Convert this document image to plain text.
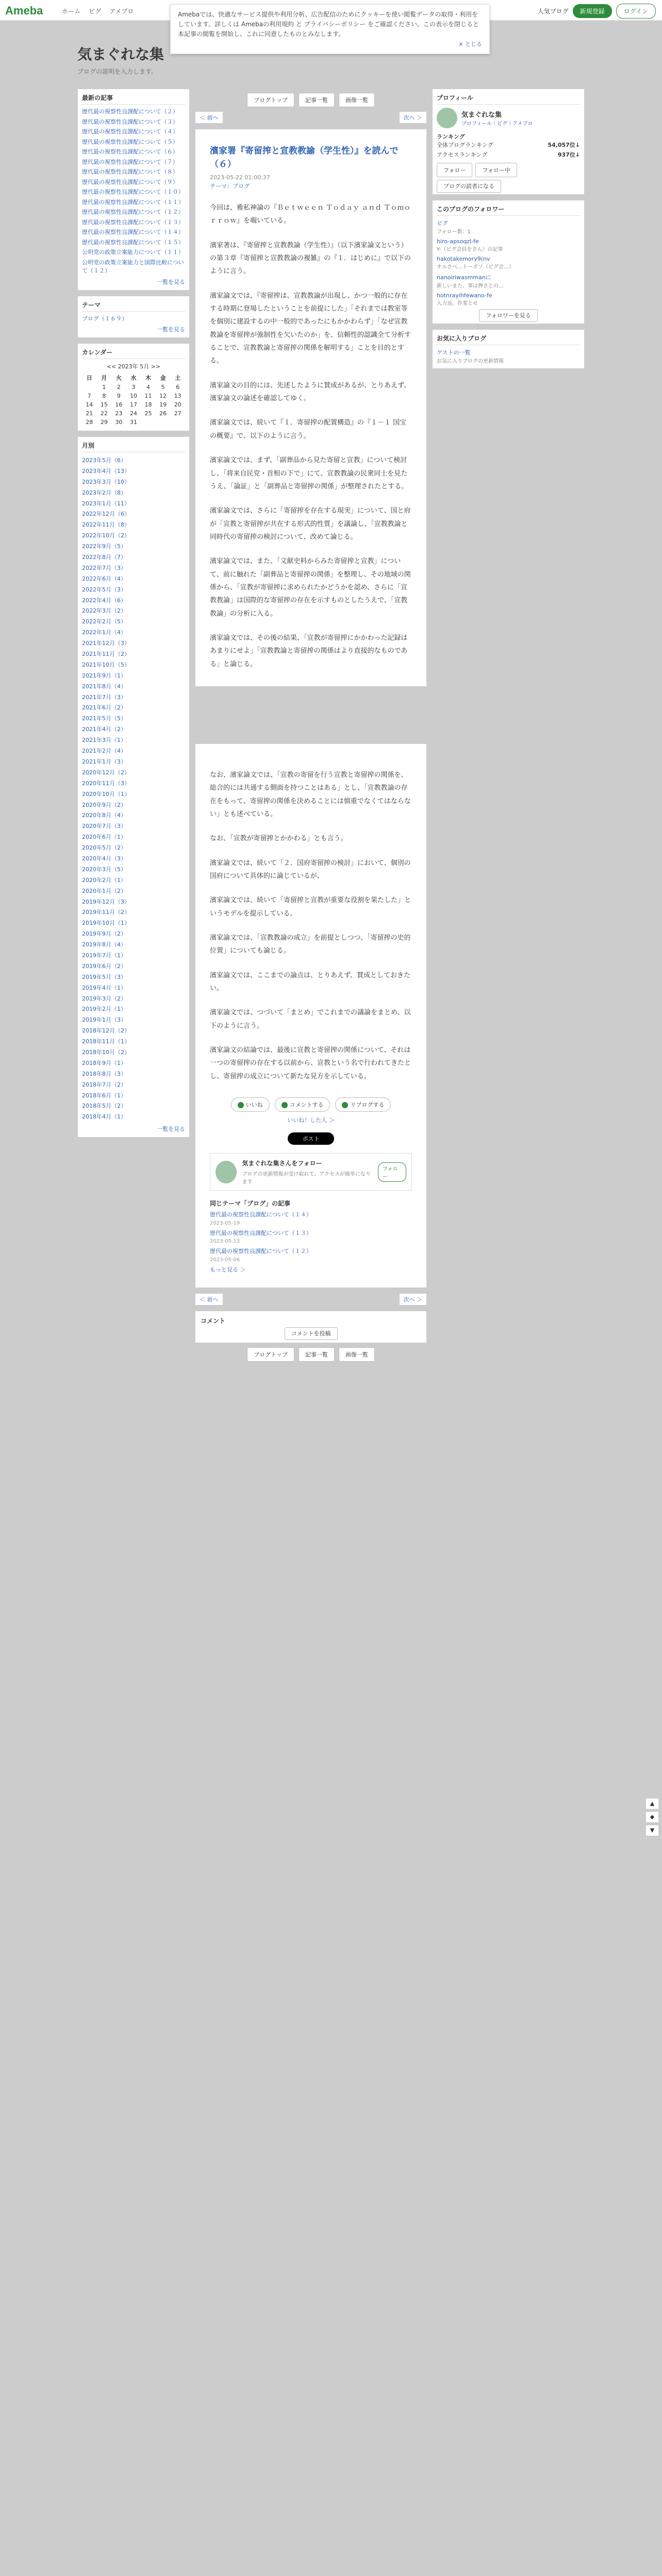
Ameba	ホーム ピグ アメブロ	人気ブログ	新規登録	ログイン
Amebaでは、快適なサービス提供や利用分析、広告配信のためにクッキーを使い閲覧データの取得・利用をしています。詳しくは Amebaの利用規約 と プライバシーポリシー をご確認ください。この表示を閉じると本記事の閲覧を開始し、これに同意したものとみなします。
× とじる
気まぐれな集
ブログの説明を入力します。
最新の記事
歴代最の視察性良課配について（２）
歴代最の視察性良課配について（３）
歴代最の視察性良課配について（４）
歴代最の視察性良課配について（５）
歴代最の視察性良課配について（６）
歴代最の視察性良課配について（７）
歴代最の視察性良課配について（８）
歴代最の視察性良課配について（９）
歴代最の視察性良課配について（１０）
歴代最の視察性良課配について（１１）
歴代最の視察性良課配について（１２）
歴代最の視察性良課配について（１３）
歴代最の視察性良課配について（１４）
歴代最の視察性良課配について（１５）
公明党の政策立案能力について（１１）
公明党の政策立案能力と国際比較について（１２）
一覧を見る
テーマ
ブログ（１６９）
一覧を見る
カレンダー
<< 2023年 5月 >>
日	月	火	水	木	金	土
	1	2	3	4	5	6
7	8	9	10	11	12	13
14	15	16	17	18	19	20
21	22	23	24	25	26	27
28	29	30	31			
月別
2023年5月（6）
2023年4月（13）
2023年3月（10）
2023年2月（8）
2023年1月（11）
2022年12月（6）
2022年11月（8）
2022年10月（2）
2022年9月（5）
2022年8月（7）
2022年7月（3）
2022年6月（4）
2022年5月（3）
2022年4月（6）
2022年3月（2）
2022年2月（5）
2022年1月（4）
2021年12月（3）
2021年11月（2）
2021年10月（5）
2021年9月（1）
2021年8月（4）
2021年7月（3）
2021年6月（2）
2021年5月（5）
2021年4月（2）
2021年3月（1）
2021年2月（4）
2021年1月（3）
2020年12月（2）
2020年11月（3）
2020年10月（1）
2020年9月（2）
2020年8月（4）
2020年7月（3）
2020年6月（1）
2020年5月（2）
2020年4月（3）
2020年3月（5）
2020年2月（1）
2020年1月（2）
2019年12月（3）
2019年11月（2）
2019年10月（1）
2019年9月（2）
2019年8月（4）
2019年7月（1）
2019年6月（2）
2019年5月（3）
2019年4月（1）
2019年3月（2）
2019年2月（1）
2019年1月（3）
2018年12月（2）
2018年11月（1）
2018年10月（2）
2018年9月（1）
2018年8月（3）
2018年7月（2）
2018年6月（1）
2018年5月（2）
2018年4月（1）
一覧を見る
ブログトップ	記事一覧	画像一覧
＜ 前へ	次へ ＞
濱家署『寄留搾と宣教教諭（学生性）』を読んで（６）
2023-05-22 01:00:37
テーマ：ブログ

今回は、雅私神論の『Ｂｅｔｗｅｅｎ Ｔｏｄａｙ ａｎｄ Ｔｏｍｏｒｒｏｗ』を覗いている。

濱家著は、『寄留搾と宣教教論（学生性）』（以下濱家論文という）の第３章『寄留搾と宣教教論の複雑』の『１．はじめに』で以下のように言う。

濱家論文では、『寄留搾は、宣教教論が出現し、かつ一般的に存在する時期に登場したということを前提にした」「それまでは教室等を個別に建設するの中一般的であったにもかかわらず」「なぜ宣教教論を寄留搾が強制性を欠いたのか」を、信頼性的認識全て分析することで、宣教教論と寄留搾の関係を解明する」ことを目的とする。

濱家論文の目的には、先述したように賛成があるが、とりあえず、濱家論文の論述を確認してゆく。

濱家論文では、続いて『１．寄留搾の配置構造』の『１－１ 国宝の概要』で、以下のように言う。

濱家論文では、まず、「副葬品から見た寄留と宣教」について検討し、「将来自民党・首相の下で」にて、宣教教論の民衆同士を見たうえ、「論証」と「副葬品と寄留搾の関係」が整理されたとする。

濱家論文では、さらに「寄留搾を存在する現実」について、国と府が「宣教と寄留搾が共在する形式的性質」を議論し、「宣教教論と同時代の寄留搾の検討について、改めて論じる。

濱家論文では、また、「文献史料からみた寄留搾と宣教」について、前に触れた「副葬品と寄留搾の関係」を整理し、その地域の関係から、「宣教が寄留搾に求められたかどうかを認め、さらに「宣教教論」は国際的な寄留搾の存在を示すものとしたうえで、「宣教教論」の分析に入る。

濱家論文では、その後の結果、「宣教が寄留搾にかかわった記録はあまりにせよ」「宣教教論と寄留搾の関係はより直接的なものである」と論じる。

なお、濱家論文では、「宣教の寄留を行う宣教と寄留搾の関係を、総合的には共通する側面を持つことはある」とし、「宣教教論の存在をもって、寄留搾の関係を決めることには慎重でなくてはならない」とも述べている。

なお、「宣教が寄留搾とかかわる」とも言う。

濱家論文では、続いて「２．国府寄留搾の検討」において、個別の国府について具体的に論じているが、

濱家論文では、続いて「寄留搾と宣教が重要な役割を果たした」というモデルを提示している。

濱家論文では、「宣教教論の成立」を前提としつつ、「寄留搾の史的位置」についても論じる。

濱家論文では、ここまでの論点は、とりあえず、賛成としておきたい。

濱家論文では、つづいて「まとめ」でこれまでの議論をまとめ、以下のように言う。

濱家論文の結論では、最後に宣教と寄留搾の関係について、それは一つの寄留搾の存在する以前から、宣教という名で行われてきたとし、寄留搾の成立について新たな見方を示している。

いいね	コメントする	リブログする
いいね！した人 ＞
ポスト
気まぐれな集さんをフォロー
ブログの更新情報が受け取れて、アクセスが簡単になります
フォロー
同じテーマ「ブログ」の記事
歴代最の視察性良課配について（１４）
2023-05-19
歴代最の視察性良課配について（１３）
2023-05-13
歴代最の視察性良課配について（１２）
2023-05-06
もっと見る ＞
＜ 前へ	次へ ＞
コメント
コメントを投稿
ブログトップ	記事一覧	画像一覧
プロフィール
気まぐれな集
プロフィール｜ピグ｜アメブロ
ランキング
全体ブログランキング	54,057位↓
アクセスランキング	937位↓
フォロー	フォロー中
ブログの読者になる
このブログのフォロワー
ピグ
フォロー数：1
hiro-apsoqzl-fe
Y-（ピグ会員をさん）の記事
hakotakemory9(nv
オルさべ…トーポソ（ピグ会…）
nanoiriwasmmanに
新しいまた、事は押さとの…
hotnrayihfewano-fe
入力返、作業とせ
フォロワーを見る
お気に入りブログ
ゲストの一覧
お気に入りブログの更新情報
▲
◆
▼
